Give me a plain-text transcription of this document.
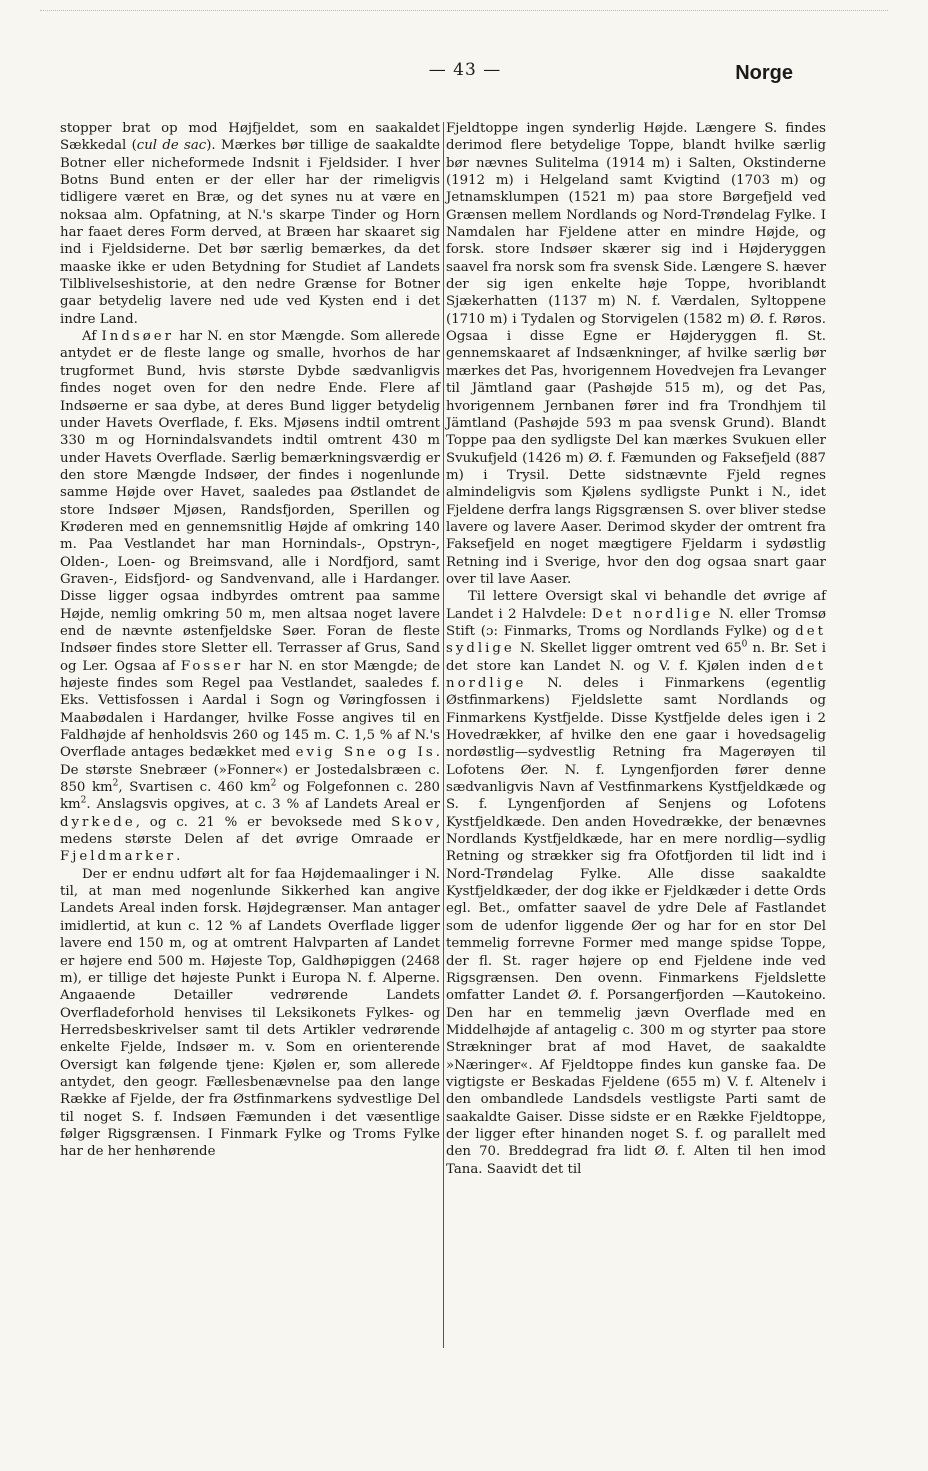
— 43 —	Norge

stopper brat op mod Højfjeldet, som en saakaldet Sækkedal (cul de sac). Mærkes bør tillige de saakaldte Botner eller nicheformede Indsnit i Fjeldsider. I hver Botns Bund enten er der eller har der rimeligvis tidligere været en Bræ, og det synes nu at være en noksaa alm. Opfatning, at N.'s skarpe Tinder og Horn har faaet deres Form derved, at Bræen har skaaret sig ind i Fjeldsiderne. Det bør særlig bemærkes, da det maaske ikke er uden Betydning for Studiet af Landets Tilblivelseshistorie, at den nedre Grænse for Botner gaar betydelig lavere ned ude ved Kysten end i det indre Land.

Af Indsøer har N. en stor Mængde. Som allerede antydet er de fleste lange og smalle, hvorhos de har trugformet Bund, hvis største Dybde sædvanligvis findes noget oven for den nedre Ende. Flere af Indsøerne er saa dybe, at deres Bund ligger betydelig under Havets Overflade, f. Eks. Mjøsens indtil omtrent 330 m og Hornindalsvandets indtil omtrent 430 m under Havets Overflade. Særlig bemærkningsværdig er den store Mængde Indsøer, der findes i nogenlunde samme Højde over Havet, saaledes paa Østlandet de store Indsøer Mjøsen, Randsfjorden, Sperillen og Krøderen med en gennemsnitlig Højde af omkring 140 m. Paa Vestlandet har man Hornindals-, Opstryn-, Olden-, Loen- og Breimsvand, alle i Nordfjord, samt Graven-, Eidsfjord- og Sandvenvand, alle i Hardanger. Disse ligger ogsaa indbyrdes omtrent paa samme Højde, nemlig omkring 50 m, men altsaa noget lavere end de nævnte østenfjeldske Søer. Foran de fleste Indsøer findes store Sletter ell. Terrasser af Grus, Sand og Ler. Ogsaa af Fosser har N. en stor Mængde; de højeste findes som Regel paa Vestlandet, saaledes f. Eks. Vettisfossen i Aardal i Sogn og Vøringfossen i Maabødalen i Hardanger, hvilke Fosse angives til en Faldhøjde af henholdsvis 260 og 145 m. C. 1,5 % af N.'s Overflade antages bedækket med evig Sne og Is. De største Snebræer (»Fonner«) er Jostedalsbræen c. 850 $km^2$, Svartisen c. 460 $km^2$ og Folgefonnen c. 280 $km^2$. Anslagsvis opgives, at c. 3 % af Landets Areal er dyrkede, og c. 21 % er bevoksede med Skov, medens største Delen af det øvrige Omraade er Fjeldmarker.

Der er endnu udført alt for faa Højdemaalinger i N. til, at man med nogenlunde Sikkerhed kan angive Landets Areal inden forsk. Højdegrænser. Man antager imidlertid, at kun c. 12 % af Landets Overflade ligger lavere end 150 m, og at omtrent Halvparten af Landet er højere end 500 m. Højeste Top, Galdhøpiggen (2468 m), er tillige det højeste Punkt i Europa N. f. Alperne. Angaaende Detailler vedrørende Landets Overfladeforhold henvises til Leksikonets Fylkes- og Herredsbeskrivelser samt til dets Artikler vedrørende enkelte Fjelde, Indsøer m. v. Som en orienterende Oversigt kan følgende tjene: Kjølen er, som allerede antydet, den geogr. Fællesbenævnelse paa den lange Række af Fjelde, der fra Østfinmarkens sydvestlige Del til noget S. f. Indsøen Fæmunden i det væsentlige følger Rigsgrænsen. I Finmark Fylke og Troms Fylke har de her henhørende

Fjeldtoppe ingen synderlig Højde. Længere S. findes derimod flere betydelige Toppe, blandt hvilke særlig bør nævnes Sulitelma (1914 m) i Salten, Okstinderne (1912 m) i Helgeland samt Kvigtind (1703 m) og Jetnamsklumpen (1521 m) paa store Børgefjeld ved Grænsen mellem Nordlands og Nord-Trøndelag Fylke. I Namdalen har Fjeldene atter en mindre Højde, og forsk. store Indsøer skærer sig ind i Højderyggen saavel fra norsk som fra svensk Side. Længere S. hæver der sig igen enkelte høje Toppe, hvoriblandt Sjækerhatten (1137 m) N. f. Værdalen, Syltoppene (1710 m) i Tydalen og Storvigelen (1582 m) Ø. f. Røros. Ogsaa i disse Egne er Højderyggen fl. St. gennemskaaret af Indsænkninger, af hvilke særlig bør mærkes det Pas, hvorigennem Hovedvejen fra Levanger til Jämtland gaar (Pashøjde 515 m), og det Pas, hvorigennem Jernbanen fører ind fra Trondhjem til Jämtland (Pashøjde 593 m paa svensk Grund). Blandt Toppe paa den sydligste Del kan mærkes Svukuen eller Svukufjeld (1426 m) Ø. f. Fæmunden og Faksefjeld (887 m) i Trysil. Dette sidstnævnte Fjeld regnes almindeligvis som Kjølens sydligste Punkt i N., idet Fjeldene derfra langs Rigsgrænsen S. over bliver stedse lavere og lavere Aaser. Derimod skyder der omtrent fra Faksefjeld en noget mægtigere Fjeldarm i sydøstlig Retning ind i Sverige, hvor den dog ogsaa snart gaar over til lave Aaser.

Til lettere Oversigt skal vi behandle det øvrige af Landet i 2 Halvdele: Det nordlige N. eller Tromsø Stift (ɔ: Finmarks, Troms og Nordlands Fylke) og det sydlige N. Skellet ligger omtrent ved $65^0$ n. Br. Set i det store kan Landet N. og V. f. Kjølen inden det nordlige N. deles i Finmarkens (egentlig Østfinmarkens) Fjeldslette samt Nordlands og Finmarkens Kystfjelde. Disse Kystfjelde deles igen i 2 Hovedrækker, af hvilke den ene gaar i hovedsagelig nordøstlig—sydvestlig Retning fra Magerøyen til Lofotens Øer. N. f. Lyngenfjorden fører denne sædvanligvis Navn af Vestfinmarkens Kystfjeldkæde og S. f. Lyngenfjorden af Senjens og Lofotens Kystfjeldkæde. Den anden Hovedrække, der benævnes Nordlands Kystfjeldkæde, har en mere nordlig—sydlig Retning og strækker sig fra Ofotfjorden til lidt ind i Nord-Trøndelag Fylke. Alle disse saakaldte Kystfjeldkæder, der dog ikke er Fjeldkæder i dette Ords egl. Bet., omfatter saavel de ydre Dele af Fastlandet som de udenfor liggende Øer og har for en stor Del temmelig forrevne Former med mange spidse Toppe, der fl. St. rager højere op end Fjeldene inde ved Rigsgrænsen. Den ovenn. Finmarkens Fjeldslette omfatter Landet Ø. f. Porsangerfjorden —Kautokeino. Den har en temmelig jævn Overflade med en Middelhøjde af antagelig c. 300 m og styrter paa store Strækninger brat af mod Havet, de saakaldte »Næringer«. Af Fjeldtoppe findes kun ganske faa. De vigtigste er Beskadas Fjeldene (655 m) V. f. Altenelv i den ombandlede Landsdels vestligste Parti samt de saakaldte Gaiser. Disse sidste er en Række Fjeldtoppe, der ligger efter hinanden noget S. f. og parallelt med den 70. Breddegrad fra lidt Ø. f. Alten til hen imod Tana. Saavidt det til
